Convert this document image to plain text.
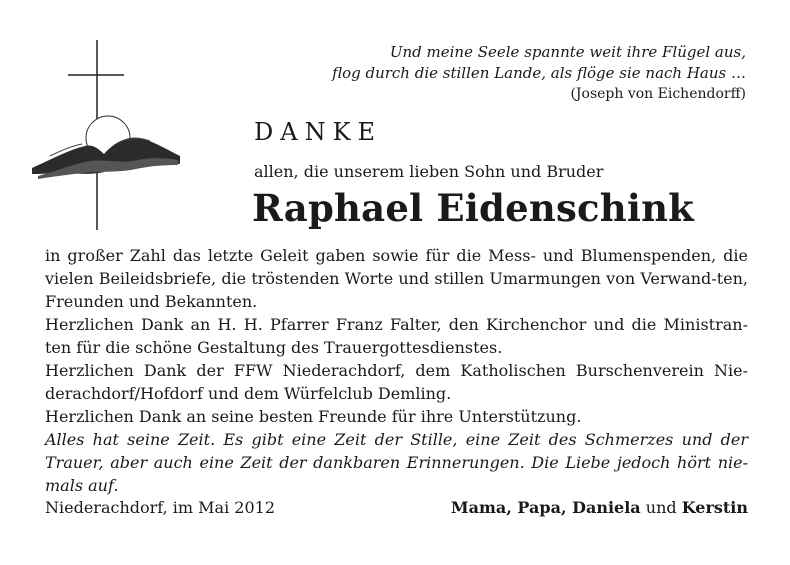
Und meine Seele spannte weit ihre Flügel aus,
flog durch die stillen Lande, als flöge sie nach Haus …
(Joseph von Eichendorff)
DANKE
allen, die unserem lieben Sohn und Bruder
Raphael Eidenschink

in großer Zahl das letzte Geleit gaben sowie für die Mess- und Blumenspenden, die vielen Beileidsbriefe, die tröstenden Worte und stillen Umarmungen von Verwand-ten, Freunden und Bekannten.

Herzlichen Dank an H. H. Pfarrer Franz Falter, den Kirchenchor und die Ministran-ten für die schöne Gestaltung des Trauergottesdienstes.

Herzlichen Dank der FFW Niederachdorf, dem Katholischen Burschenverein Nie-derachdorf/Hofdorf und dem Würfelclub Demling.

Herzlichen Dank an seine besten Freunde für ihre Unterstützung.

Alles hat seine Zeit. Es gibt eine Zeit der Stille, eine Zeit des Schmerzes und der Trauer, aber auch eine Zeit der dankbaren Erinnerungen. Die Liebe jedoch hört nie-mals auf.

Niederachdorf, im Mai 2012	Mama, Papa, Daniela und Kerstin
